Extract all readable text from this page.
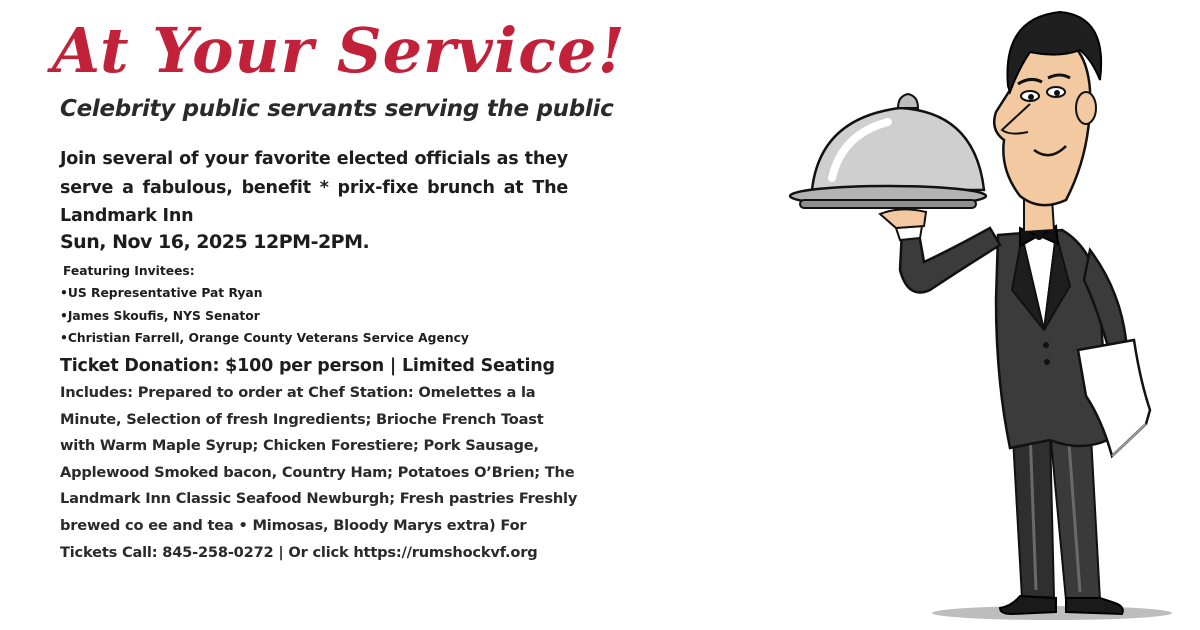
At Your Service!

Celebrity public servants serving the public

Join several of your favorite elected officials as they serve a fabulous, benefit * prix-fixe brunch at The Landmark Inn

Sun, Nov 16, 2025 12PM-2PM.

Featuring Invitees:
•US Representative Pat Ryan
•James Skoufis, NYS Senator
•Christian Farrell, Orange County Veterans Service Agency

Ticket Donation: $100 per person | Limited Seating

Includes: Prepared to order at Chef Station: Omelettes a la
Minute, Selection of fresh Ingredients; Brioche French Toast
with Warm Maple Syrup; Chicken Forestiere; Pork Sausage,
Applewood Smoked bacon, Country Ham; Potatoes O’Brien; The
Landmark Inn Classic Seafood Newburgh; Fresh pastries Freshly
brewed co ee and tea • Mimosas, Bloody Marys extra) For
Tickets Call: 845-258-0272 | Or click https://rumshockvf.org
